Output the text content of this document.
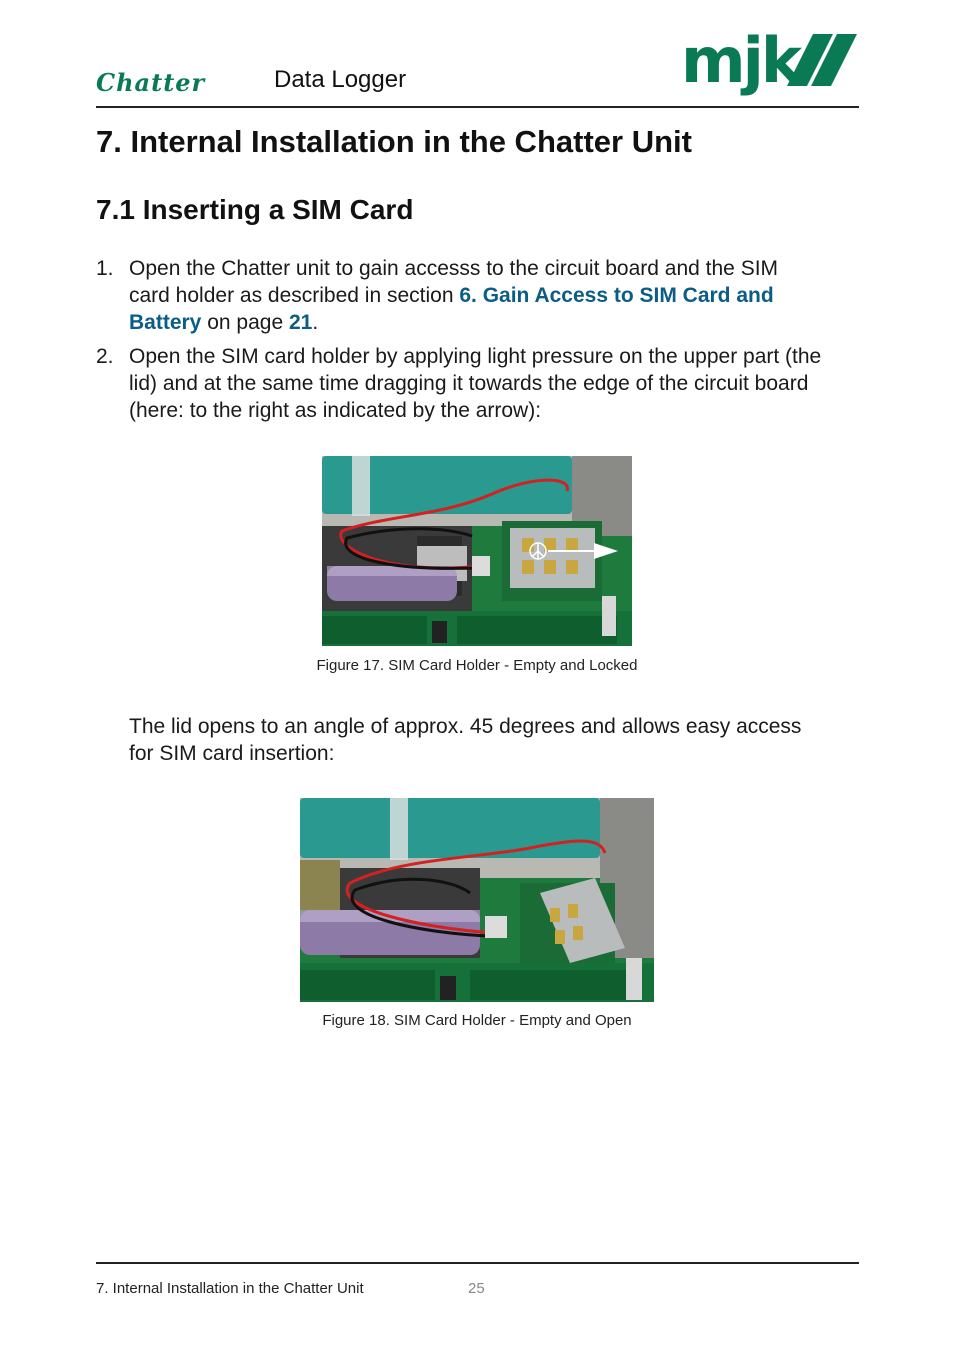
Chatter	Data Logger	mjk
7. Internal Installation in the Chatter Unit
7.1 Inserting a SIM Card
1. Open the Chatter unit to gain accesss to the circuit board and the SIM
card holder as described in section 6. Gain Access to SIM Card and
Battery on page 21.
2. Open the SIM card holder by applying light pressure on the upper part (the
lid) and at the same time dragging it towards the edge of the circuit board
(here: to the right as indicated by the arrow):
Figure 17. SIM Card Holder - Empty and Locked
The lid opens to an angle of approx. 45 degrees and allows easy access
for SIM card insertion:
Figure 18. SIM Card Holder - Empty and Open
7. Internal Installation in the Chatter Unit	25
